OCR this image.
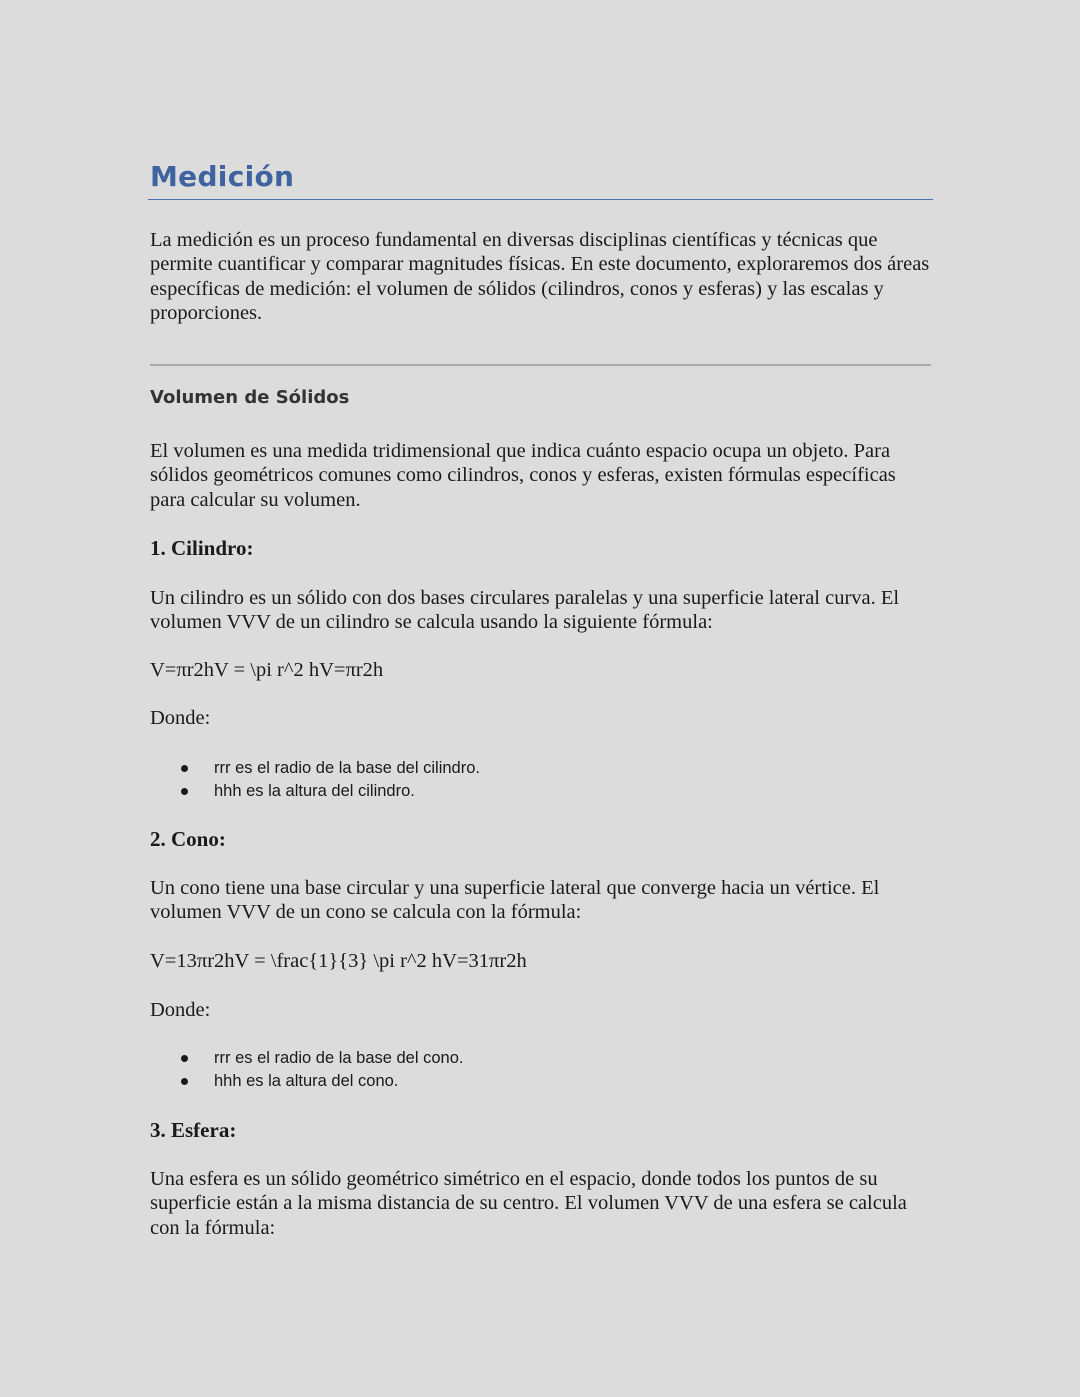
Medición

La medición es un proceso fundamental en diversas disciplinas científicas y técnicas que permite cuantificar y comparar magnitudes físicas. En este documento, exploraremos dos áreas específicas de medición: el volumen de sólidos (cilindros, conos y esferas) y las escalas y proporciones.

Volumen de Sólidos

El volumen es una medida tridimensional que indica cuánto espacio ocupa un objeto. Para sólidos geométricos comunes como cilindros, conos y esferas, existen fórmulas específicas para calcular su volumen.

1. Cilindro:

Un cilindro es un sólido con dos bases circulares paralelas y una superficie lateral curva. El volumen VVV de un cilindro se calcula usando la siguiente fórmula:

V=πr2hV = \pi r^2 hV=πr2h

Donde:

rrr es el radio de la base del cilindro.
hhh es la altura del cilindro.
2. Cono:

Un cono tiene una base circular y una superficie lateral que converge hacia un vértice. El volumen VVV de un cono se calcula con la fórmula:

V=13πr2hV = \frac{1}{3} \pi r^2 hV=31πr2h

Donde:

rrr es el radio de la base del cono.
hhh es la altura del cono.
3. Esfera:

Una esfera es un sólido geométrico simétrico en el espacio, donde todos los puntos de su superficie están a la misma distancia de su centro. El volumen VVV de una esfera se calcula con la fórmula:
